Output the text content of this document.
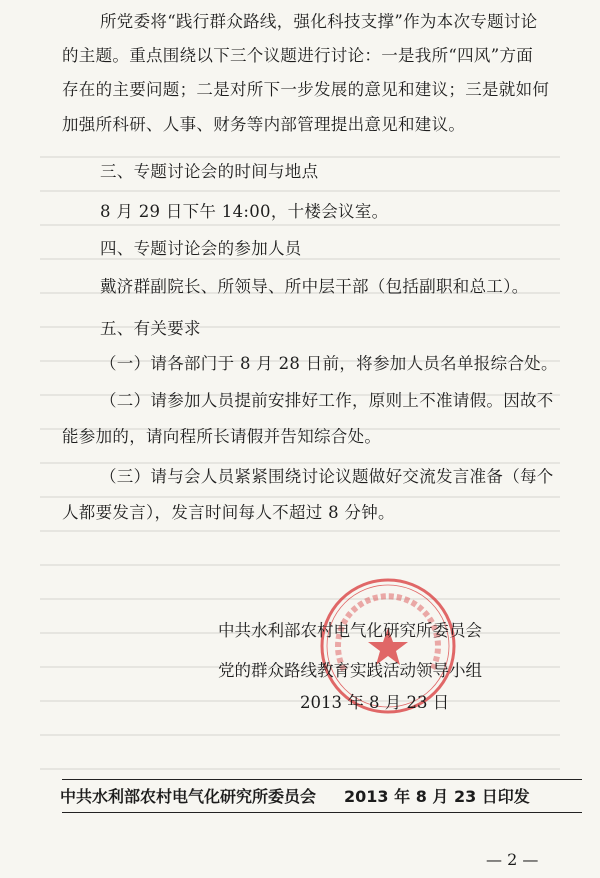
所党委将“践行群众路线，强化科技支撑”作为本次专题讨论
的主题。重点围绕以下三个议题进行讨论：一是我所“四风”方面
存在的主要问题；二是对所下一步发展的意见和建议；三是就如何
加强所科研、人事、财务等内部管理提出意见和建议。
三、专题讨论会的时间与地点
8 月 29 日下午 14:00，十楼会议室。
四、专题讨论会的参加人员
戴济群副院长、所领导、所中层干部（包括副职和总工）。
五、有关要求
（一）请各部门于 8 月 28 日前，将参加人员名单报综合处。
（二）请参加人员提前安排好工作，原则上不准请假。因故不
能参加的，请向程所长请假并告知综合处。
（三）请与会人员紧紧围绕讨论议题做好交流发言准备（每个
人都要发言），发言时间每人不超过 8 分钟。
中共水利部农村电气化研究所委员会
党的群众路线教育实践活动领导小组
2013 年 8 月 23 日
中共水利部农村电气化研究所委员会 2013 年 8 月 23 日印发
— 2 —
